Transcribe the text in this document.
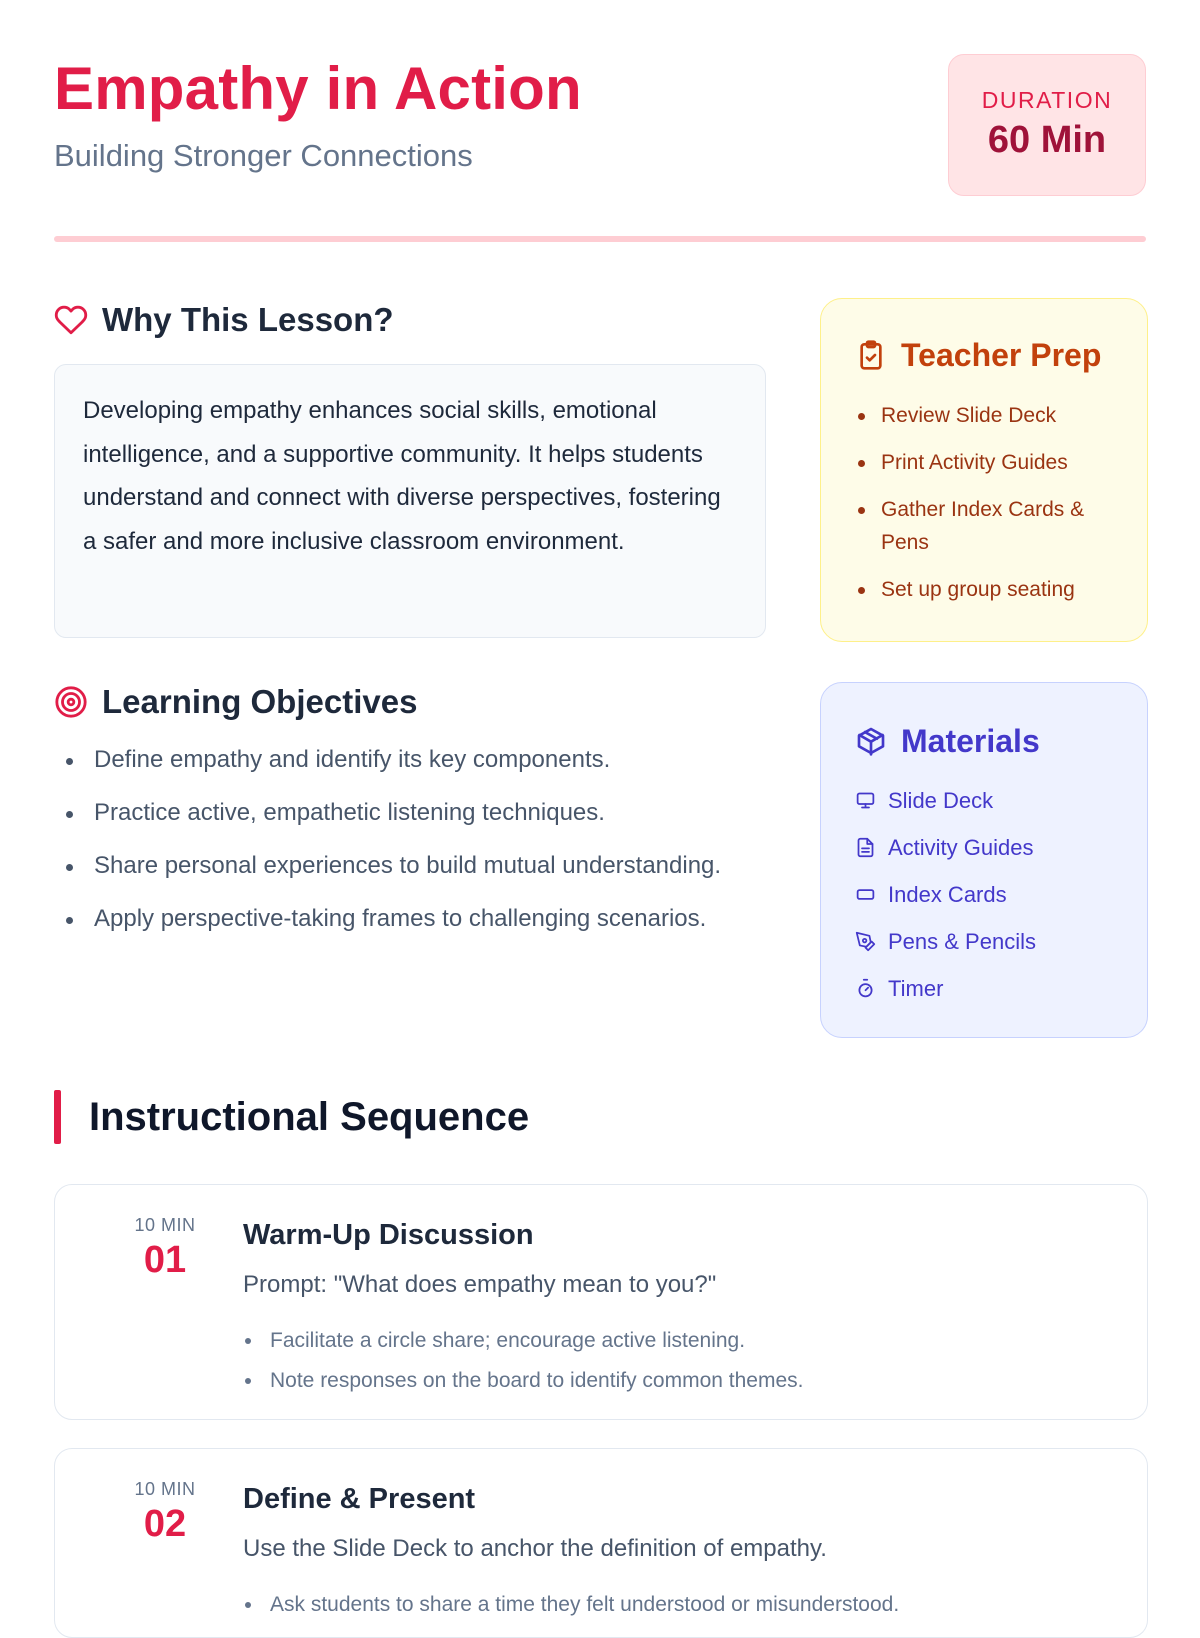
Empathy in Action
Building Stronger Connections
DURATION
60 Min
Why This Lesson?

Developing empathy enhances social skills, emotional intelligence, and a supportive community. It helps students understand and connect with diverse perspectives, fostering a safer and more inclusive classroom environment.

Learning Objectives
Define empathy and identify its key components.
Practice active, empathetic listening techniques.
Share personal experiences to build mutual understanding.
Apply perspective-taking frames to challenging scenarios.
Teacher Prep
Review Slide Deck
Print Activity Guides
Gather Index Cards & Pens
Set up group seating
Materials
Slide Deck
Activity Guides
Index Cards
Pens & Pencils
Timer
Instructional Sequence
10 MIN
01
Warm-Up Discussion
Prompt: "What does empathy mean to you?"
Facilitate a circle share; encourage active listening.
Note responses on the board to identify common themes.
10 MIN
02
Define & Present
Use the Slide Deck to anchor the definition of empathy.
Ask students to share a time they felt understood or misunderstood.
